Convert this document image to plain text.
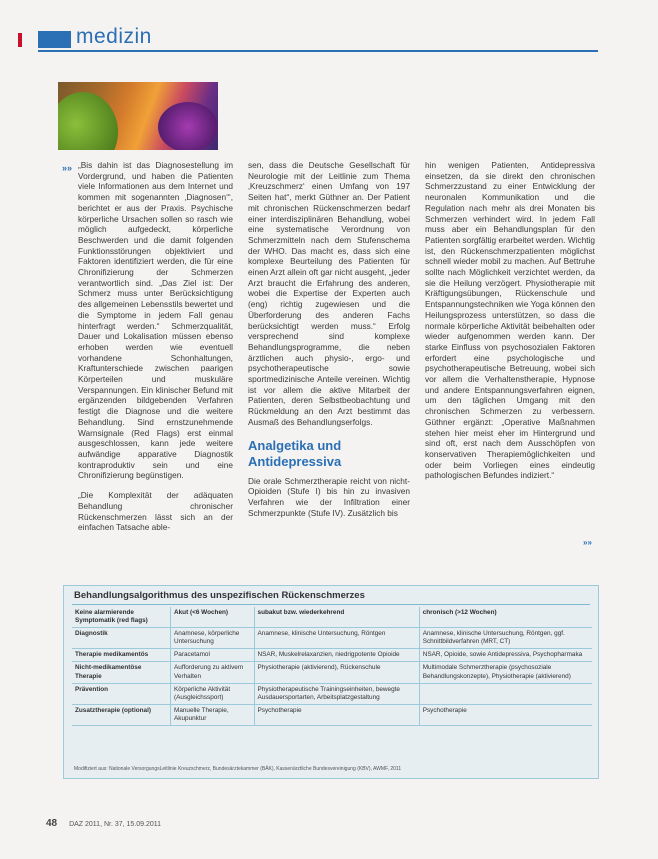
medizin
»» „Bis dahin ist das Diagnosestellung im Vordergrund, und haben die Patienten viele Informationen aus dem Internet und kommen mit sogenannten ‚Diagnosen‘“, berichtet er aus der Praxis. Psychische körperliche Ursachen sollen so rasch wie möglich aufgedeckt, körperliche Beschwerden und die damit folgenden Funktionsstörungen objektiviert und Faktoren identifiziert werden, die für eine Chronifizierung der Schmerzen verantwortlich sind. „Das Ziel ist: Der Schmerz muss unter Berücksichtigung des allgemeinen Lebensstils bewertet und die Symptome in jedem Fall genau hinterfragt werden.“ Schmerzqualität, Dauer und Lokalisation müssen ebenso erhoben werden wie eventuell vorhandene Schonhaltungen, Kraftunterschiede zwischen paarigen Körperteilen und muskuläre Verspannungen. Ein klinischer Befund mit ergänzenden bildgebenden Verfahren festigt die Diagnose und die weitere Behandlung. Sind ernstzunehmende Warnsignale (Red Flags) erst einmal ausgeschlossen, kann jede weitere aufwändige apparative Diagnostik kontraproduktiv sein und eine Chronifizierung begünstigen.

„Die Komplexität der adäquaten Behandlung chronischer Rückenschmerzen lässt sich an der einfachen Tatsache able-

sen, dass die Deutsche Gesellschaft für Neurologie mit der Leitlinie zum Thema ‚Kreuzschmerz‘ einen Umfang von 197 Seiten hat“, merkt Güthner an. Der Patient mit chronischen Rückenschmerzen bedarf einer interdisziplinären Behandlung, wobei eine systematische Verordnung von Schmerzmitteln nach dem Stufenschema der WHO. Das macht es, dass sich eine komplexe Beurteilung des Patienten für einen Arzt allein oft gar nicht ausgeht, „jeder Arzt braucht die Erfahrung des anderen, wobei die Expertise der Experten auch (eng) richtig zugewiesen und die Überforderung des anderen Fachs berücksichtigt werden muss.“ Erfolg versprechend sind komplexe Behandlungsprogramme, die neben ärztlichen auch physio-, ergo- und psychotherapeutische sowie sportmedizinische Anteile vereinen. Wichtig ist vor allem die aktive Mitarbeit der Patienten, deren Selbstbeobachtung und Rückmeldung an den Arzt bestimmt das Ausmaß des Behandlungserfolgs.

Analgetika und Antidepressiva

Die orale Schmerztherapie reicht von nicht-Opioiden (Stufe I) bis hin zu invasiven Verfahren wie der Infiltration einer Schmerzpunkte (Stufe IV). Zusätzlich bis

hin wenigen Patienten, Antidepressiva einsetzen, da sie direkt den chronischen Schmerzzustand zu einer Entwicklung der neuronalen Kommunikation und die Regulation nach mehr als drei Monaten bis Schmerzen verhindert wird. In jedem Fall muss aber ein Behandlungsplan für den Patienten sorgfältig erarbeitet werden. Wichtig ist, den Rückenschmerzpatienten möglichst schnell wieder mobil zu machen. Auf Bettruhe sollte nach Möglichkeit verzichtet werden, da sie die Heilung verzögert. Physiotherapie mit Kräftigungsübungen, Rückenschule und Entspannungstechniken wie Yoga können den Heilungsprozess unterstützen, so dass die normale körperliche Aktivität beibehalten oder wieder aufgenommen werden kann. Der starke Einfluss von psychosozialen Faktoren erfordert eine psychologische und psychotherapeutische Betreuung, wobei sich vor allem die Verhaltenstherapie, Hypnose und andere Entspannungsverfahren eignen, um den täglichen Umgang mit den chronischen Schmerzen zu verbessern. Güthner ergänzt: „Operative Maßnahmen stehen hier meist eher im Hintergrund und sind oft, erst nach dem Ausschöpfen von konservativen Therapiemöglichkeiten und oder beim Vorliegen eines eindeutig pathologischen Befundes indiziert.“

»»
Behandlungsalgorithmus des unspezifischen Rückenschmerzes
Keine alarmierende Symptomatik (red flags)	Akut (<6 Wochen)	subakut bzw. wiederkehrend	chronisch (>12 Wochen)
Diagnostik	Anamnese, körperliche Untersuchung	Anamnese, klinische Untersuchung, Röntgen	Anamnese, klinische Untersuchung, Röntgen, ggf. Schnittbildverfahren (MRT, CT)
Therapie medikamentös	Paracetamol	NSAR, Muskelrelaxanzien, niedrigpotente Opioide	NSAR, Opioide, sowie Antidepressiva, Psychopharmaka
Nicht-medikamentöse Therapie	Aufforderung zu aktivem Verhalten	Physiotherapie (aktivierend), Rückenschule	Multimodale Schmerztherapie (psychosoziale Behandlungskonzepte), Physiotherapie (aktivierend)
Prävention	Körperliche Aktivität (Ausgleichssport)	Physiotherapeutische Trainingseinheiten, bewegte Ausdauersportarten, Arbeitsplatzgestaltung	
Zusatztherapie (optional)	Manuelle Therapie, Akupunktur	Psychotherapie	Psychotherapie
Modifiziert aus: Nationale VersorgungsLeitlinie Kreuzschmerz, Bundesärztekammer (BÄK), Kassenärztliche Bundesvereinigung (KBV), AWMF, 2011
48 DAZ 2011, Nr. 37, 15.09.2011
